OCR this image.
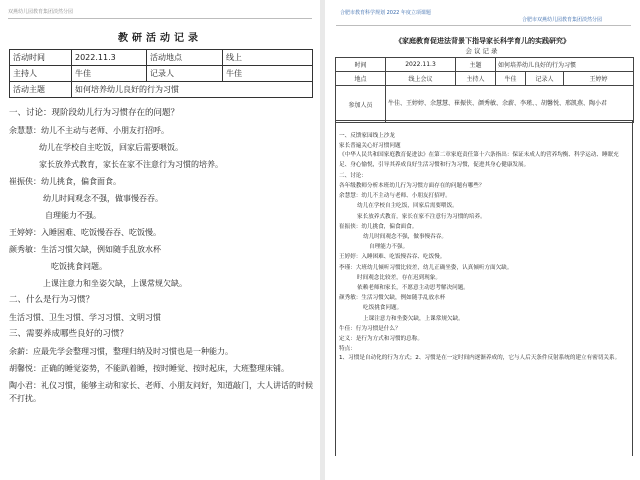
双燕幼儿园教育集团淡然分园
教研活动记录
活动时间	2022.11.3	活动地点	线上
主持人	牛佳	记录人	牛佳
活动主题	如何培养幼儿良好的行为习惯		

一、讨论：现阶段幼儿行为习惯存在的问题？

余慧慧：幼儿不主动与老师、小朋友打招呼。

幼儿在学校自主吃饭，回家后需要喂饭。

家长放养式教育，家长在家不注意行为习惯的培养。

崔振侠：幼儿挑食，偏食面食。

幼儿时间观念不强，做事慢吞吞。

自理能力不强。

王婷婷：入睡困难、吃饭慢吞吞、吃饭慢。

颜秀敏：生活习惯欠缺，例如随手乱放水杯

吃饭挑食问题。

上课注意力和坐姿欠缺，上课常规欠缺。

二、什么是行为习惯？

生活习惯、卫生习惯、学习习惯、文明习惯

三、需要养成哪些良好的习惯？

余薪：应最先学会整理习惯，整理归纳及时习惯也是一种能力。

胡馨悦：正确的睡觉姿势，不能趴着睡，按时睡觉、按时起床，大班整理床铺。

陶小君：礼仪习惯，能够主动和家长、老师、小朋友问好，知道敲门，大人讲话的时候不打扰。

合肥市教育科学规划 2022 年度立项课题
合肥市双燕幼儿园教育集团淡然分园
《家庭教育促进法背景下指导家长科学育儿的实践研究》
会议记录
时间	2022.11.3	主题	如何培养幼儿良好的行为习惯		
地点	线上会议	主持人	牛佳	记录人	王婷婷
参加人员	牛佳、王婷婷、余慧慧、崔振侠、颜秀敏、余薪、李瑾、、胡馨悦、邢凯燕、陶小君				

一、反馈家园线上沙龙

家长普遍关心好习惯问题

《中华人民共和国家庭教育促进法》在第二章家庭责任第十六条指出：保证未成人的营养均衡、科学运动、睡眠充足、身心愉悦，引导其养成良好生活习惯和行为习惯，促进其身心健康发展。

二、讨论：

各年级教师分析本班幼儿行为习惯方面存在的问题有哪些？

余慧慧：幼儿不主动与老师、小朋友打招呼。

幼儿在学校自主吃饭，回家后需要喂饭。

家长放养式教育，家长在家不注意行为习惯的培养。

崔振侠：幼儿挑食，偏食面食。

幼儿时间观念不强，做事慢吞吞。

自理能力不强。

王婷婷：入睡困难、吃饭慢吞吞、吃饭慢。

李瑾：大班幼儿倾听习惯比较差，幼儿正确坐姿，认真倾听方面欠缺。

时间观念比较差，存在迟到现象。

依赖老师和家长，不愿意主动思考解决问题。

颜秀敏：生活习惯欠缺，例如随手乱放水杯

吃饭挑食问题。

上课注意力和坐姿欠缺，上课常规欠缺。

牛佳：行为习惯是什么？

定义：是行为方式和习惯的总称。

特点：

1、习惯是自动化的行为方式；2、习惯是在一定时间内逐渐养成的，它与人后天条件反射系统的建立有密切关系。
